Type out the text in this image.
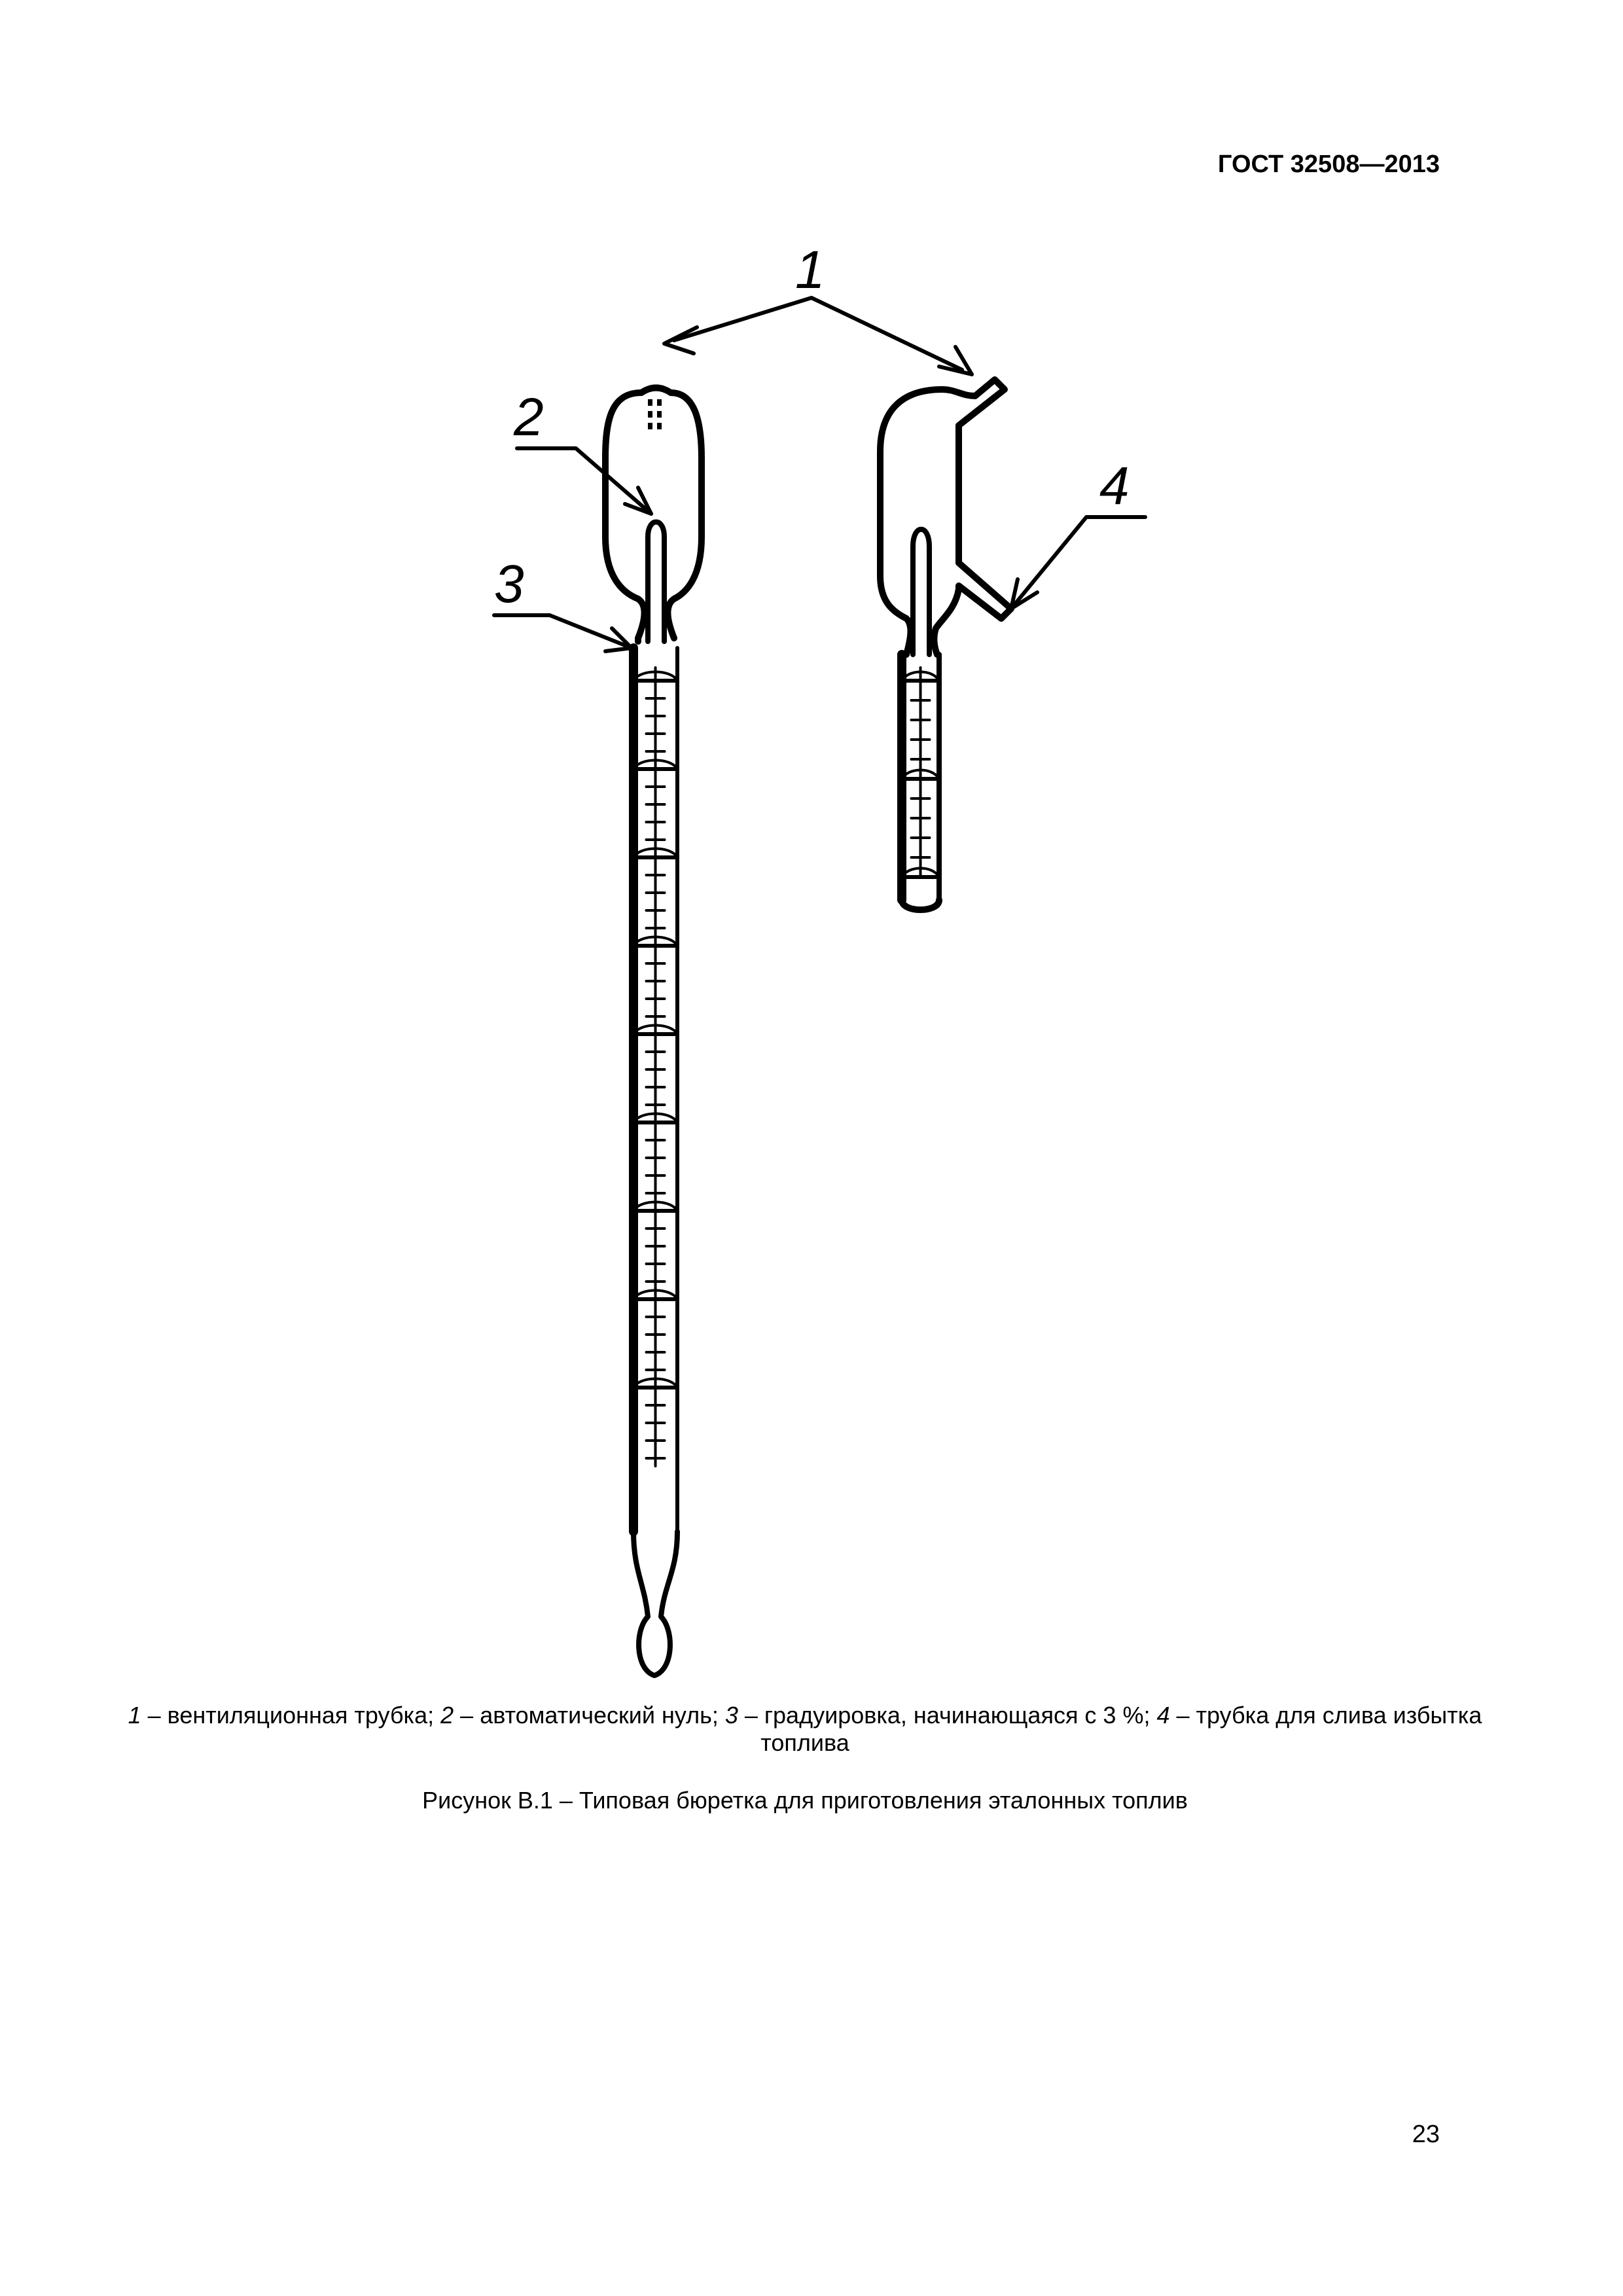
ГОСТ 32508—2013
1
2
3
4
1 – вентиляционная трубка; 2 – автоматический нуль; 3 – градуировка, начинающаяся с 3 %; 4 – трубка для слива избытка топлива
Рисунок В.1 – Типовая бюретка для приготовления эталонных топлив
23
